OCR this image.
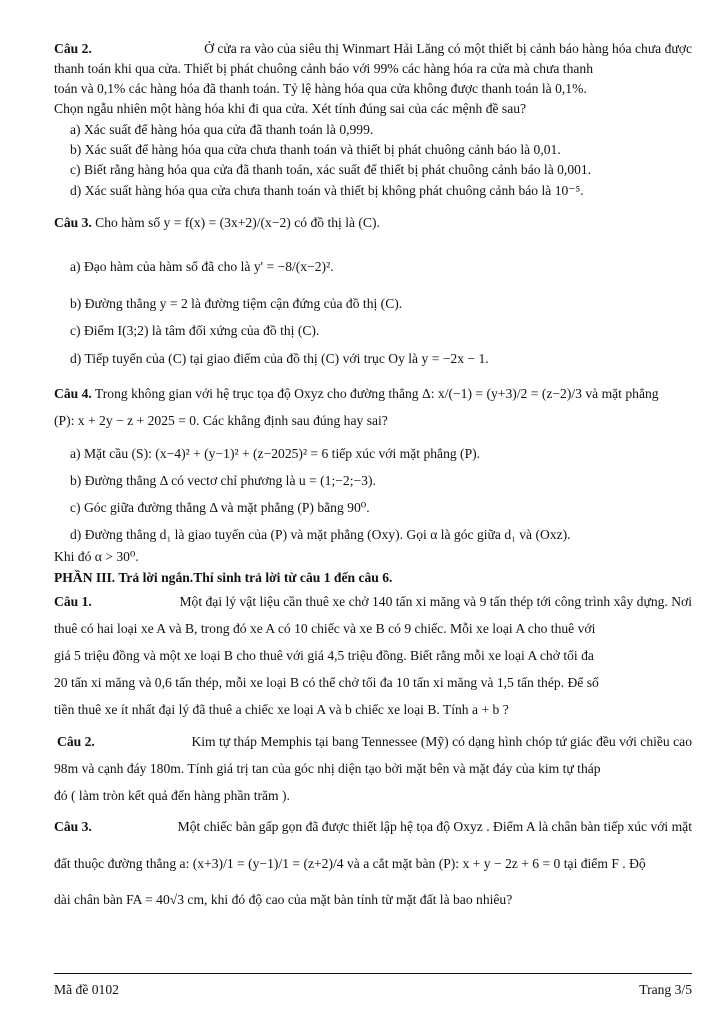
Câu 2.	Ở cửa ra vào của siêu thị Winmart Hải Lăng có một thiết bị cảnh báo hàng hóa chưa được
thanh toán khi qua cửa. Thiết bị phát chuông cảnh báo với 99% các hàng hóa ra cửa mà chưa thanh
toán và 0,1% các hàng hóa đã thanh toán. Tỷ lệ hàng hóa qua cửa không được thanh toán là 0,1%.
Chọn ngẫu nhiên một hàng hóa khi đi qua cửa. Xét tính đúng sai của các mệnh đề sau?
a) Xác suất để hàng hóa qua cửa đã thanh toán là 0,999.
b) Xác suất để hàng hóa qua cửa chưa thanh toán và thiết bị phát chuông cảnh báo là 0,01.
c) Biết rằng hàng hóa qua cửa đã thanh toán, xác suất để thiết bị phát chuông cảnh báo là 0,001.
d) Xác suất hàng hóa qua cửa chưa thanh toán và thiết bị không phát chuông cảnh báo là 10⁻⁵.
Câu 3. Cho hàm số y = f(x) = (3x+2)/(x−2) có đồ thị là (C).
a) Đạo hàm của hàm số đã cho là y' = −8/(x−2)².
b) Đường thẳng y = 2 là đường tiệm cận đứng của đồ thị (C).
c) Điểm I(3;2) là tâm đối xứng của đồ thị (C).
d) Tiếp tuyến của (C) tại giao điểm của đồ thị (C) với trục Oy là y = −2x − 1.
Câu 4. Trong không gian với hệ trục tọa độ Oxyz cho đường thẳng Δ: x/(−1) = (y+3)/2 = (z−2)/3 và mặt phẳng
(P): x + 2y − z + 2025 = 0. Các khẳng định sau đúng hay sai?
a) Mặt cầu (S): (x−4)² + (y−1)² + (z−2025)² = 6 tiếp xúc với mặt phẳng (P).
b) Đường thẳng Δ có vectơ chỉ phương là u = (1;−2;−3).
c) Góc giữa đường thẳng Δ và mặt phẳng (P) bằng 90⁰.
d) Đường thẳng d₁ là giao tuyến của (P) và mặt phẳng (Oxy). Gọi α là góc giữa d₁ và (Oxz).
Khi đó α > 30⁰.
PHẦN III. Trả lời ngắn.Thí sinh trả lời từ câu 1 đến câu 6.
Câu 1.	Một đại lý vật liệu cần thuê xe chở 140 tấn xi măng và 9 tấn thép tới công trình xây dựng. Nơi
thuê có hai loại xe A và B, trong đó xe A có 10 chiếc và xe B có 9 chiếc. Mỗi xe loại A cho thuê với
giá 5 triệu đồng và một xe loại B cho thuê với giá 4,5 triệu đồng. Biết rằng mỗi xe loại A chở tối đa
20 tấn xi măng và 0,6 tấn thép, mỗi xe loại B có thể chở tối đa 10 tấn xi măng và 1,5 tấn thép. Để số
tiền thuê xe ít nhất đại lý đã thuê a chiếc xe loại A và b chiếc xe loại B. Tính a + b ?
Câu 2.	Kim tự tháp Memphis tại bang Tennessee (Mỹ) có dạng hình chóp tứ giác đều với chiều cao
98m và cạnh đáy 180m. Tính giá trị tan của góc nhị diện tạo bởi mặt bên và mặt đáy của kim tự tháp
đó ( làm tròn kết quả đến hàng phần trăm ).
Câu 3.	Một chiếc bàn gấp gọn đã được thiết lập hệ tọa độ Oxyz . Điểm A là chân bàn tiếp xúc với mặt
đất thuộc đường thẳng a: (x+3)/1 = (y−1)/1 = (z+2)/4 và a cắt mặt bàn (P): x + y − 2z + 6 = 0 tại điểm F . Độ
dài chân bàn FA = 40√3 cm, khi đó độ cao của mặt bàn tính từ mặt đất là bao nhiêu?
Mã đề 0102	Trang 3/5
